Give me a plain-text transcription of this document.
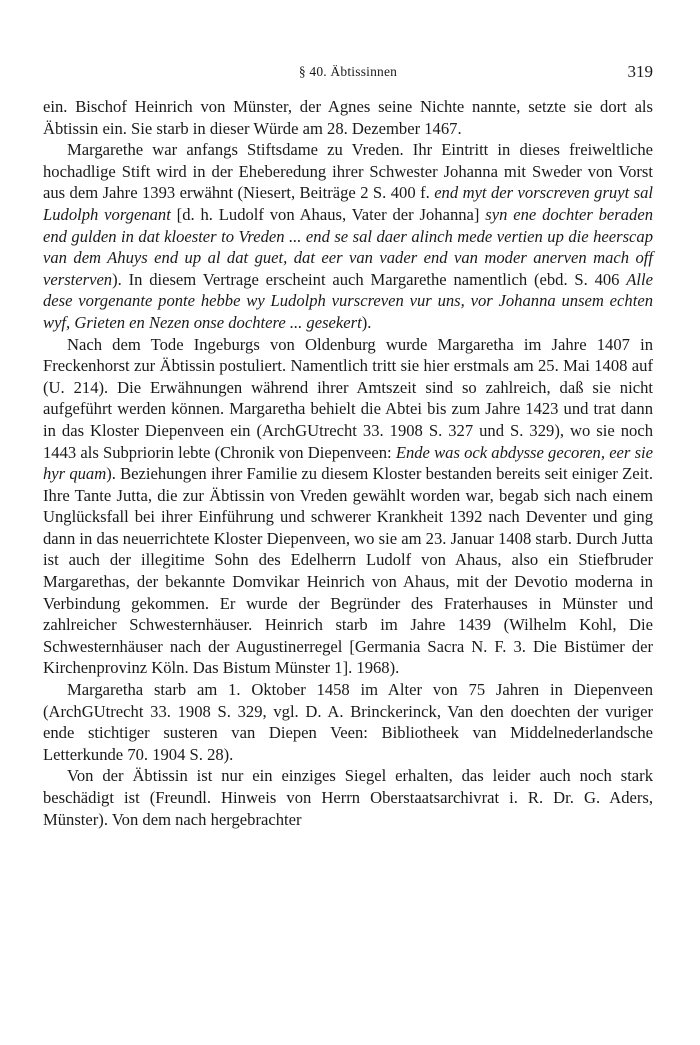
§ 40. Äbtissinnen	319

ein. Bischof Heinrich von Münster, der Agnes seine Nichte nannte, setzte sie dort als Äbtissin ein. Sie starb in dieser Würde am 28. Dezember 1467.

Margarethe war anfangs Stiftsdame zu Vreden. Ihr Eintritt in dieses freiweltliche hochadlige Stift wird in der Eheberedung ihrer Schwester Johanna mit Sweder von Vorst aus dem Jahre 1393 erwähnt (Niesert, Beiträge 2 S. 400 f. end myt der vorscreven gruyt sal Ludolph vorgenant [d. h. Ludolf von Ahaus, Vater der Johanna] syn ene dochter beraden end gulden in dat kloester to Vreden ... end se sal daer alinch mede vertien up die heerscap van dem Ahuys end up al dat guet, dat eer van vader end van moder anerven mach off versterven). In diesem Vertrage erscheint auch Margarethe namentlich (ebd. S. 406 Alle dese vorgenante ponte hebbe wy Ludolph vurscreven vur uns, vor Johanna unsem echten wyf, Grieten en Nezen onse dochtere ... gesekert).

Nach dem Tode Ingeburgs von Oldenburg wurde Margaretha im Jahre 1407 in Freckenhorst zur Äbtissin postuliert. Namentlich tritt sie hier erstmals am 25. Mai 1408 auf (U. 214). Die Erwähnungen während ihrer Amtszeit sind so zahlreich, daß sie nicht aufgeführt werden können. Margaretha behielt die Abtei bis zum Jahre 1423 und trat dann in das Kloster Diepenveen ein (ArchGUtrecht 33. 1908 S. 327 und S. 329), wo sie noch 1443 als Subpriorin lebte (Chronik von Diepenveen: Ende was ock abdysse gecoren, eer sie hyr quam). Beziehungen ihrer Familie zu diesem Kloster bestanden bereits seit einiger Zeit. Ihre Tante Jutta, die zur Äbtissin von Vreden gewählt worden war, begab sich nach einem Unglücksfall bei ihrer Einführung und schwerer Krankheit 1392 nach Deventer und ging dann in das neuerrichtete Kloster Diepenveen, wo sie am 23. Januar 1408 starb. Durch Jutta ist auch der illegitime Sohn des Edelherrn Ludolf von Ahaus, also ein Stiefbruder Margarethas, der bekannte Domvikar Heinrich von Ahaus, mit der Devotio moderna in Verbindung gekommen. Er wurde der Begründer des Fraterhauses in Münster und zahlreicher Schwesternhäuser. Heinrich starb im Jahre 1439 (Wilhelm Kohl, Die Schwesternhäuser nach der Augustinerregel [Germania Sacra N. F. 3. Die Bistümer der Kirchenprovinz Köln. Das Bistum Münster 1]. 1968).

Margaretha starb am 1. Oktober 1458 im Alter von 75 Jahren in Diepenveen (ArchGUtrecht 33. 1908 S. 329, vgl. D. A. Brinckerinck, Van den doechten der vuriger ende stichtiger susteren van Diepen Veen: Bibliotheek van Middelnederlandsche Letterkunde 70. 1904 S. 28).

Von der Äbtissin ist nur ein einziges Siegel erhalten, das leider auch noch stark beschädigt ist (Freundl. Hinweis von Herrn Oberstaatsarchivrat i. R. Dr. G. Aders, Münster). Von dem nach hergebrachter
